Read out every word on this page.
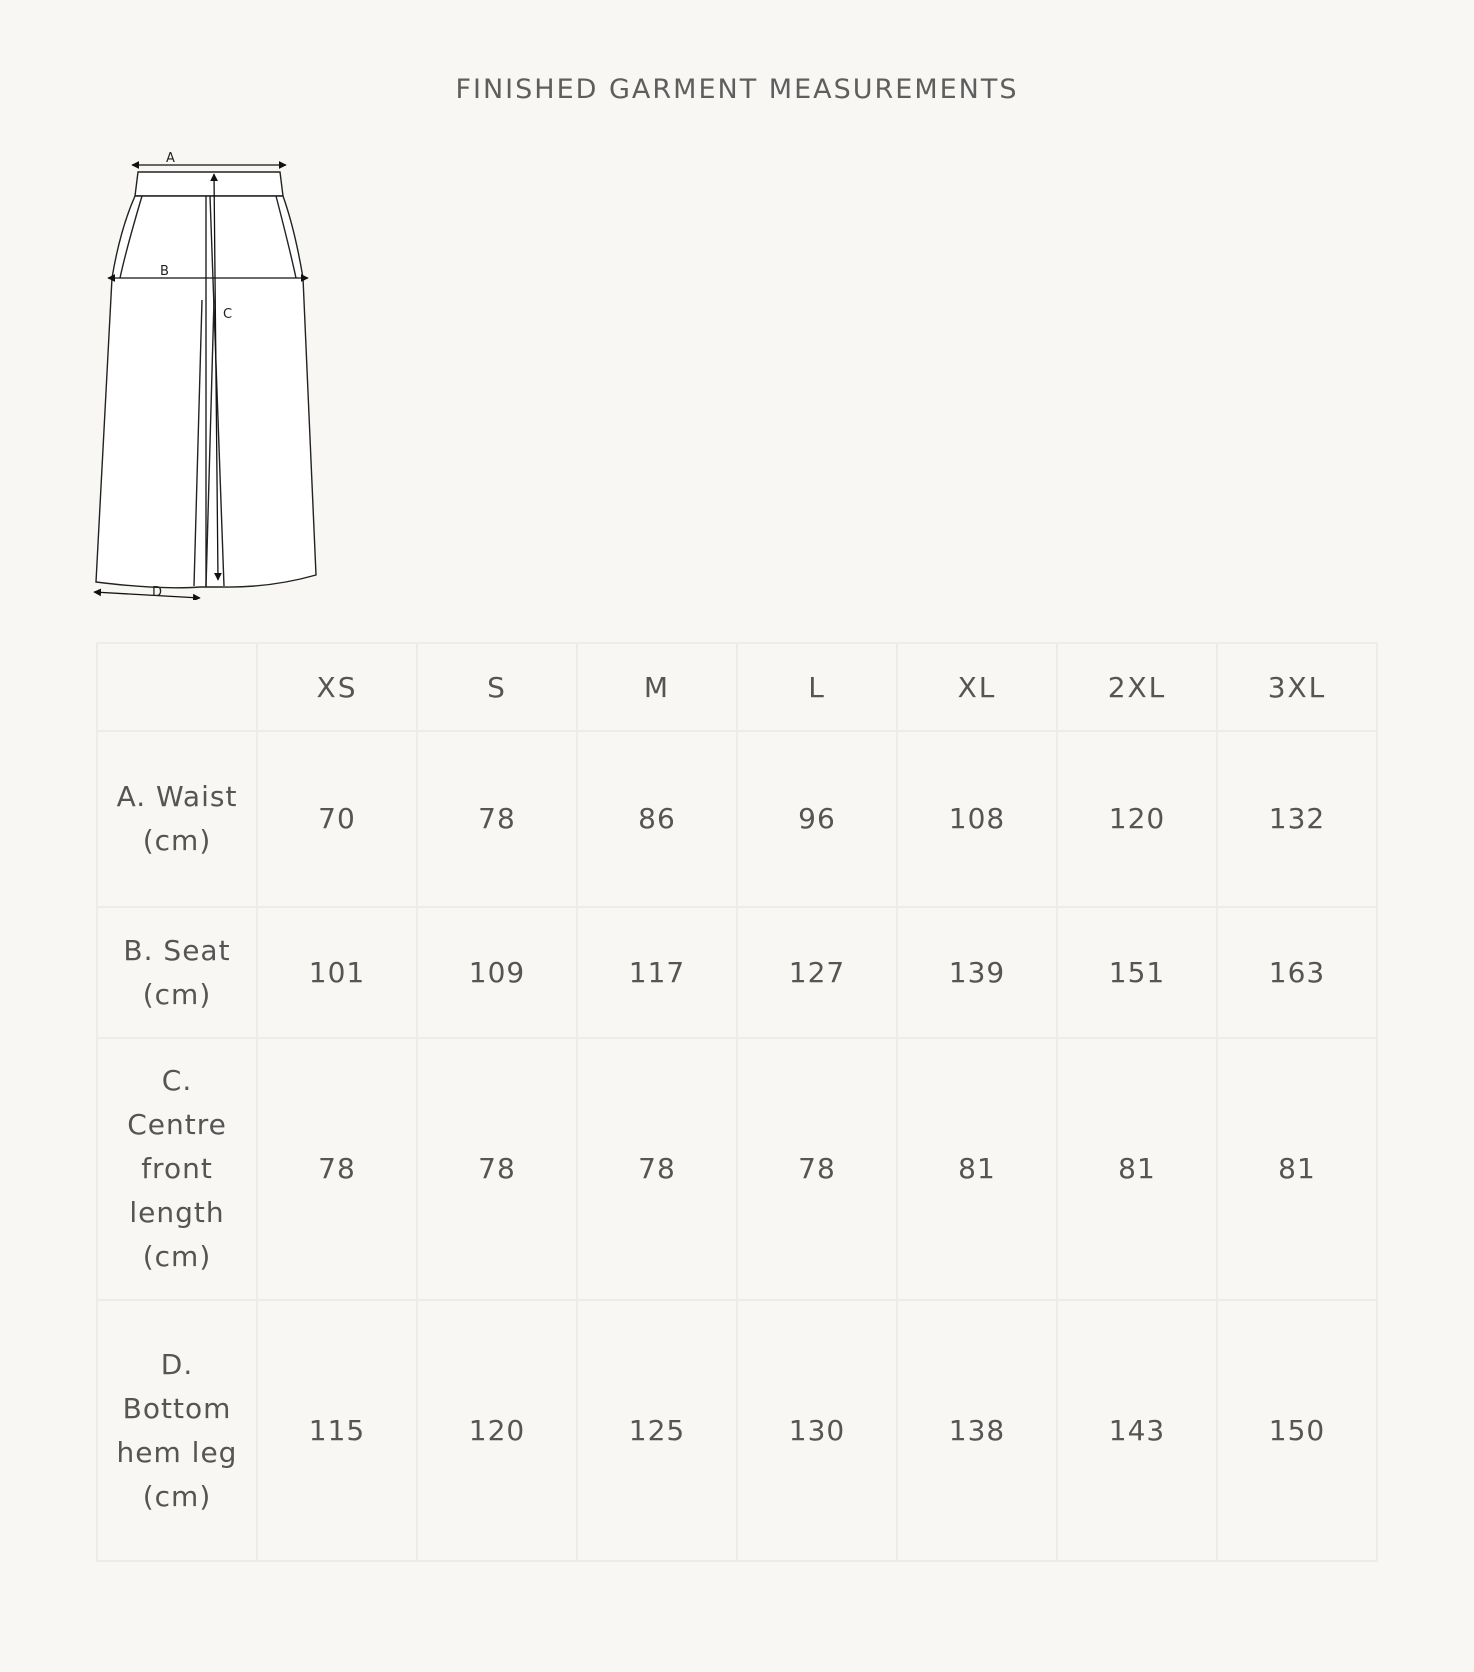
FINISHED GARMENT MEASUREMENTS
A
B
C
D
	XS	S	M	L	XL	2XL	3XL
A. Waist (cm)	70	78	86	96	108	120	132
B. Seat (cm)	101	109	117	127	139	151	163
C. Centre front length (cm)	78	78	78	78	81	81	81
D. Bottom hem leg (cm)	115	120	125	130	138	143	150
